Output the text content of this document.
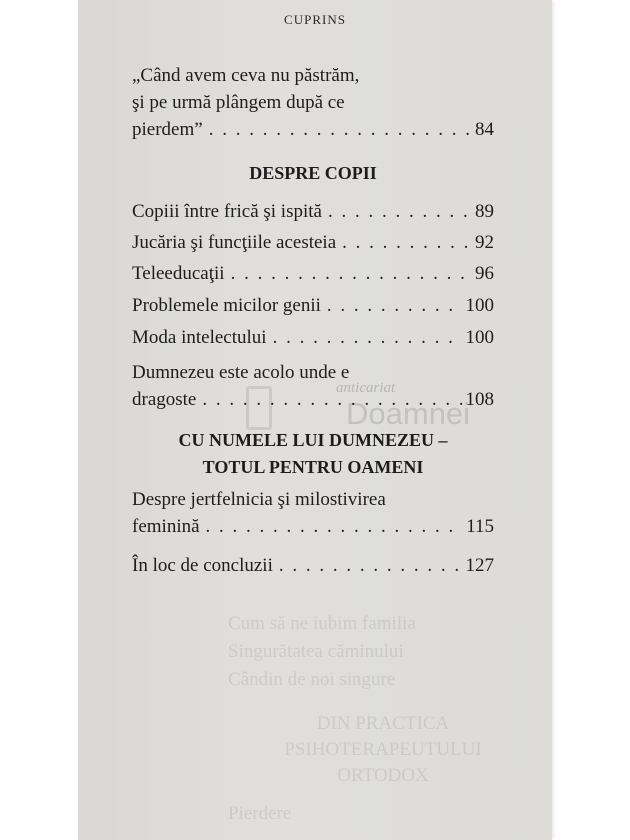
Cum să ne iubim familia
Singurătatea căminului
Cândin de noi singure
DIN PRACTICA
PSIHOTERAPEUTULUI
ORTODOX
Pierdere
anticariat
Doamnei
CUPRINS
„Când avem ceva nu păstrăm,
şi pe urmă plângem după ce
pierdem” . . .	84
DESPRE COPII
Copiii între frică şi ispită . . .	89
Jucăria şi funcţiile acesteia . . .	92
Teleeducaţii . . .	96
Problemele micilor genii . . .	100
Moda intelectului . . .	100
Dumnezeu este acolo unde e
dragoste . . .	108
CU NUMELE LUI DUMNEZEU –
TOTUL PENTRU OAMENI
Despre jertfelnicia şi milostivirea
feminină . . .	115
În loc de concluzii . . .	127
